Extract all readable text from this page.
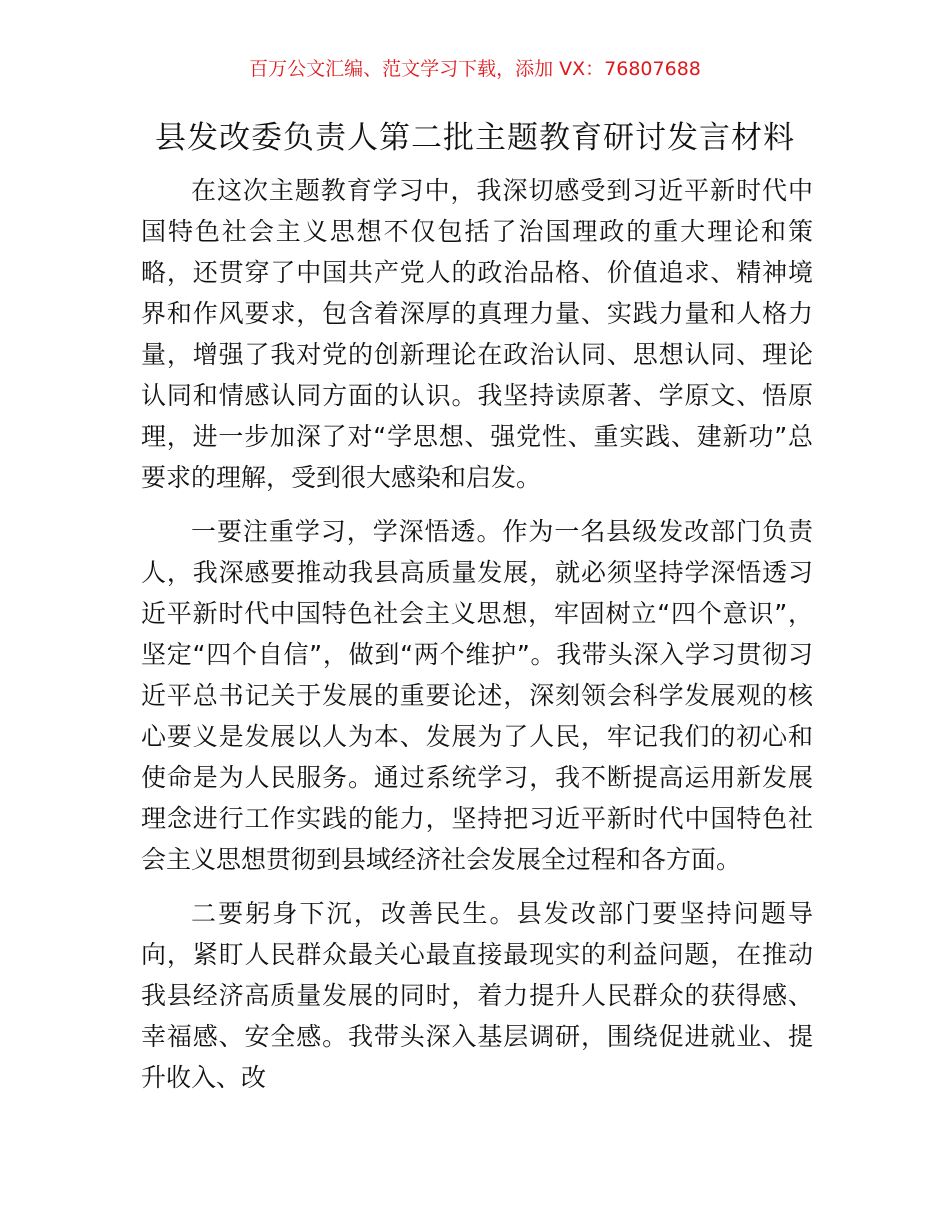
百万公文汇编、范文学习下载，添加 VX：76807688
县发改委负责人第二批主题教育研讨发言材料

在这次主题教育学习中，我深切感受到习近平新时代中国特色社会主义思想不仅包括了治国理政的重大理论和策略，还贯穿了中国共产党人的政治品格、价值追求、精神境界和作风要求，包含着深厚的真理力量、实践力量和人格力量，增强了我对党的创新理论在政治认同、思想认同、理论认同和情感认同方面的认识。我坚持读原著、学原文、悟原理，进一步加深了对“学思想、强党性、重实践、建新功”总要求的理解，受到很大感染和启发。

一要注重学习，学深悟透。作为一名县级发改部门负责人，我深感要推动我县高质量发展，就必须坚持学深悟透习近平新时代中国特色社会主义思想，牢固树立“四个意识”，坚定“四个自信”，做到“两个维护”。我带头深入学习贯彻习近平总书记关于发展的重要论述，深刻领会科学发展观的核心要义是发展以人为本、发展为了人民，牢记我们的初心和使命是为人民服务。通过系统学习，我不断提高运用新发展理念进行工作实践的能力，坚持把习近平新时代中国特色社会主义思想贯彻到县域经济社会发展全过程和各方面。

二要躬身下沉，改善民生。县发改部门要坚持问题导向，紧盯人民群众最关心最直接最现实的利益问题，在推动我县经济高质量发展的同时，着力提升人民群众的获得感、幸福感、安全感。我带头深入基层调研，围绕促进就业、提升收入、改
